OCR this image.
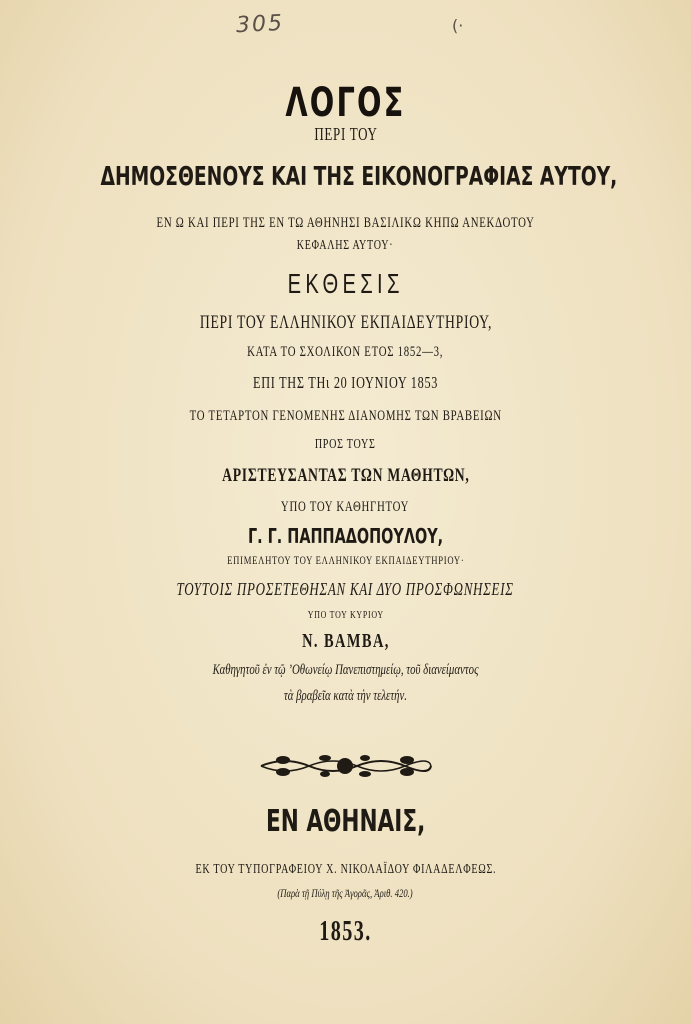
305	(·
ΛΟΓΟΣ
ΠΕΡΙ ΤΟΥ
ΔΗΜΟΣΘΕΝΟΥΣ ΚΑΙ ΤΗΣ ΕΙΚΟΝΟΓΡΑΦΙΑΣ ΑΥΤΟΥ,
ΕΝ Ω ΚΑΙ ΠΕΡΙ ΤΗΣ ΕΝ ΤΩ ΑΘΗΝΗΣΙ ΒΑΣΙΛΙΚΩ ΚΗΠΩ ΑΝΕΚΔΟΤΟΥ
ΚΕΦΑΛΗΣ ΑΥΤΟΥ·
ΕΚΘΕΣΙΣ
ΠΕΡΙ ΤΟΥ ΕΛΛΗΝΙΚΟΥ ΕΚΠΑΙΔΕΥΤΗΡΙΟΥ,
ΚΑΤΑ ΤΟ ΣΧΟΛΙΚΟΝ ΕΤΟΣ 1852—3,
ΕΠΙ ΤΗΣ ΤΗι 20 ΙΟΥΝΙΟΥ 1853
ΤΟ ΤΕΤΑΡΤΟΝ ΓΕΝΟΜΕΝΗΣ ΔΙΑΝΟΜΗΣ ΤΩΝ ΒΡΑΒΕΙΩΝ
ΠΡΟΣ ΤΟΥΣ
ΑΡΙΣΤΕΥΣΑΝΤΑΣ ΤΩΝ ΜΑΘΗΤΩΝ,
ΥΠΟ ΤΟΥ ΚΑΘΗΓΗΤΟΥ
Γ. Γ. ΠΑΠΠΑΔΟΠΟΥΛΟΥ,
ΕΠΙΜΕΛΗΤΟΥ ΤΟΥ ΕΛΛΗΝΙΚΟΥ ΕΚΠΑΙΔΕΥΤΗΡΙΟΥ·
ΤΟΥΤΟΙΣ ΠΡΟΣΕΤΕΘΗΣΑΝ ΚΑΙ ΔΥΟ ΠΡΟΣΦΩΝΗΣΕΙΣ
ΥΠΟ ΤΟΥ ΚΥΡΙΟΥ
Ν. ΒΑΜΒΑ,
Καθηγητοῦ ἐν τῷ ’Οθωνείῳ Πανεπιστημείῳ, τοῦ διανείμαντος
τὰ βραβεῖα κατὰ τὴν τελετήν.
ΕΝ ΑΘΗΝΑΙΣ,
ΕΚ ΤΟΥ ΤΥΠΟΓΡΑΦΕΙΟΥ Χ. ΝΙΚΟΛΑΪΔΟΥ ΦΙΛΑΔΕΛΦΕΩΣ.
(Παρὰ τῇ Πύλῃ τῆς Ἀγορᾶς, Ἀριθ. 420.)
1853.
